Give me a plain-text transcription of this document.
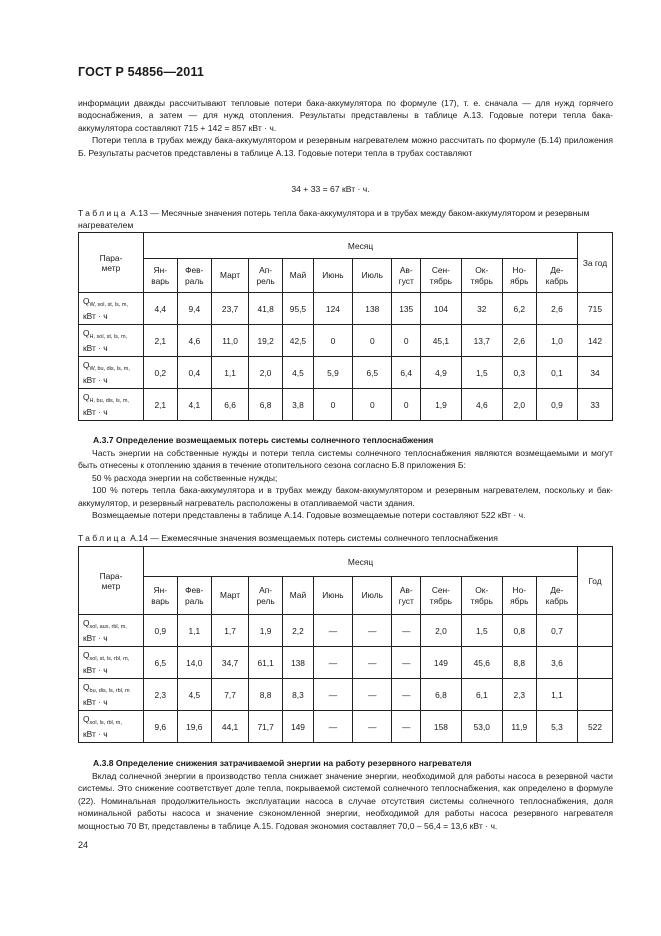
ГОСТ Р 54856—2011

информации дважды рассчитывают тепловые потери бака-аккумулятора по формуле (17), т. е. сначала — для нужд горячего водоснабжения, а затем — для нужд отопления. Результаты представлены в таблице А.13. Годовые потери тепла бака-аккумулятора составляют 715 + 142 = 857 кВт · ч.

Потери тепла в трубах между бака-аккумулятором и резервным нагревателем можно рассчитать по формуле (Б.14) приложения Б. Результаты расчетов представлены в таблице А.13. Годовые потери тепла в трубах составляют

34 + 33 = 67 кВт · ч.
Таблица А.13 — Месячные значения потерь тепла бака-аккумулятора и в трубах между баком-аккумулятором и резервным нагревателем
Пара-
метр	Месяц												За год
	Ян-
варь	Фев-
раль	Март	Ап-
рель	Май	Июнь	Июль	Ав-
густ	Сен-
тябрь	Ок-
тябрь	Но-
ябрь	Де-
кабрь	
$Q_{W, sol, st, ls, m,}$
кВт · ч	4,4	9,4	23,7	41,8	95,5	124	138	135	104	32	6,2	2,6	715
$Q_{H, sol, st, ls, m,}$
кВт · ч	2,1	4,6	11,0	19,2	42,5	0	0	0	45,1	13,7	2,6	1,0	142
$Q_{W, bu, dis, ls, m,}$
кВт · ч	0,2	0,4	1,1	2,0	4,5	5,9	6,5	6,4	4,9	1,5	0,3	0,1	34
$Q_{H, bu, dis, ls, m,}$
кВт · ч	2,1	4,1	6,6	6,8	3,8	0	0	0	1,9	4,6	2,0	0,9	33
А.3.7 Определение возмещаемых потерь системы солнечного теплоснабжения

Часть энергии на собственные нужды и потери тепла системы солнечного теплоснабжения являются возмещаемыми и могут быть отнесены к отоплению здания в течение отопительного сезона согласно Б.8 приложения Б:

50 % расхода энергии на собственные нужды;

100 % потерь тепла бака-аккумулятора и в трубах между баком-аккумулятором и резервным нагревателем, поскольку и бак-аккумулятор, и резервный нагреватель расположены в отапливаемой части здания.

Возмещаемые потери представлены в таблице А.14. Годовые возмещаемые потери составляют 522 кВт · ч.

Таблица А.14 — Ежемесячные значения возмещаемых потерь системы солнечного теплоснабжения
Пара-
метр	Месяц												Год
	Ян-
варь	Фев-
раль	Март	Ап-
рель	Май	Июнь	Июль	Ав-
густ	Сен-
тябрь	Ок-
тябрь	Но-
ябрь	Де-
кабрь	
$Q_{sol, aux, rbl, m,}$
кВт · ч	0,9	1,1	1,7	1,9	2,2	—	—	—	2,0	1,5	0,8	0,7	
$Q_{sol, st, ls, rbl, m,}$
кВт · ч	6,5	14,0	34,7	61,1	138	—	—	—	149	45,6	8,8	3,6	
$Q_{bu, dis, ls, rbl, m}$
кВт · ч	2,3	4,5	7,7	8,8	8,3	—	—	—	6,8	6,1	2,3	1,1	
$Q_{sol, ls, rbl, m,}$
кВт · ч	9,6	19,6	44,1	71,7	149	—	—	—	158	53,0	11,9	5,3	522
А.3.8 Определение снижения затрачиваемой энергии на работу резервного нагревателя

Вклад солнечной энергии в производство тепла снижает значение энергии, необходимой для работы насоса в резервной части системы. Это снижение соответствует доле тепла, покрываемой системой солнечного теплоснабжения, как определено в формуле (22). Номинальная продолжительность эксплуатации насоса в случае отсутствия системы солнечного теплоснабжения, доля номинальной работы насоса и значение сэкономленной энергии, необходимой для работы насоса резервного нагревателя мощностью 70 Вт, представлены в таблице А.15. Годовая экономия составляет 70,0 – 56,4 = 13,6 кВт · ч.

24
